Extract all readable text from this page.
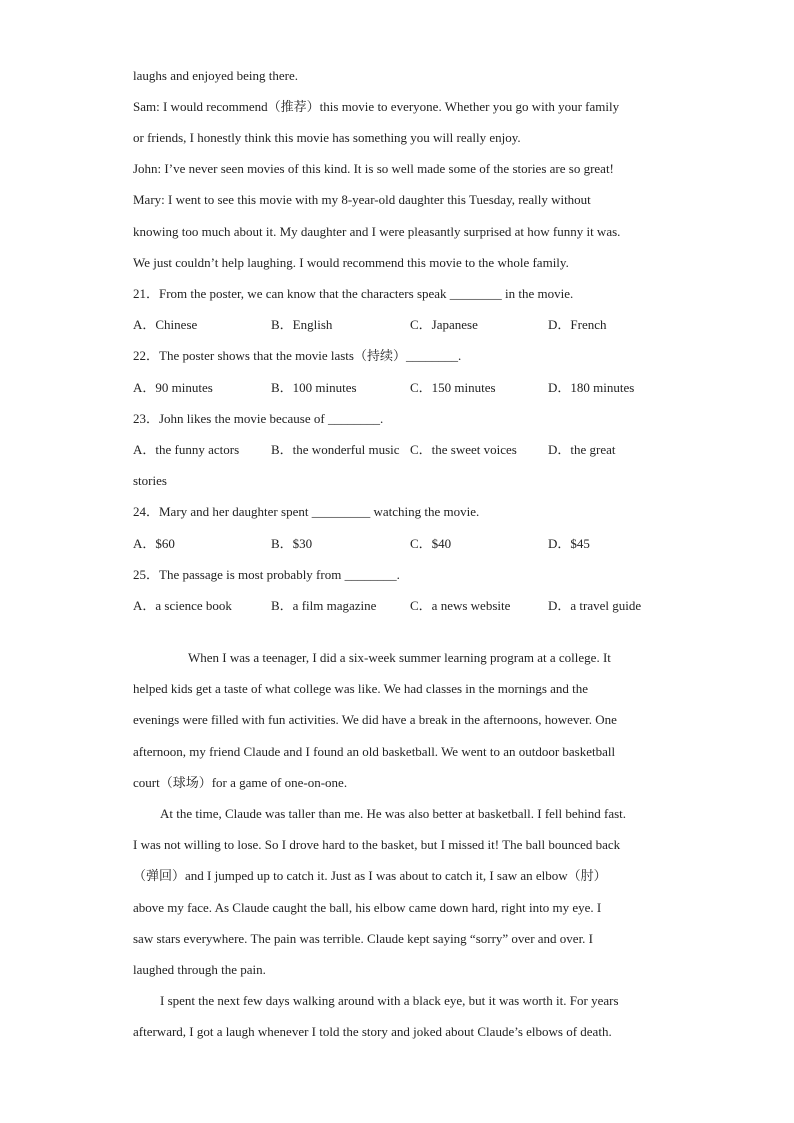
laughs and enjoyed being there.
Sam: I would recommend（推荐）this movie to everyone. Whether you go with your family
or friends, I honestly think this movie has something you will really enjoy.
John: I’ve never seen movies of this kind. It is so well made some of the stories are so great!
Mary: I went to see this movie with my 8-year-old daughter this Tuesday, really without
knowing too much about it. My daughter and I were pleasantly surprised at how funny it was.
We just couldn’t help laughing. I would recommend this movie to the whole family.
21．From the poster, we can know that the characters speak ________ in the movie.
A．Chinese	B．English	C．Japanese	D．French
22．The poster shows that the movie lasts（持续）________.
A．90 minutes	B．100 minutes	C．150 minutes	D．180 minutes
23．John likes the movie because of ________.
A．the funny actors B．the wonderful music C．the sweet voices D．the great
stories
24．Mary and her daughter spent _________ watching the movie.
A．$60	B．$30	C．$40	D．$45
25．The passage is most probably from ________.
A．a science book	B．a film magazine	C．a news website	D．a travel guide
When I was a teenager, I did a six-week summer learning program at a college. It
helped kids get a taste of what college was like. We had classes in the mornings and the
evenings were filled with fun activities. We did have a break in the afternoons, however. One
afternoon, my friend Claude and I found an old basketball. We went to an outdoor basketball
court（球场）for a game of one-on-one.
At the time, Claude was taller than me. He was also better at basketball. I fell behind fast.
I was not willing to lose. So I drove hard to the basket, but I missed it! The ball bounced back
（弹回）and I jumped up to catch it. Just as I was about to catch it, I saw an elbow（肘）
above my face. As Claude caught the ball, his elbow came down hard, right into my eye. I
saw stars everywhere. The pain was terrible. Claude kept saying “sorry” over and over. I
laughed through the pain.
I spent the next few days walking around with a black eye, but it was worth it. For years
afterward, I got a laugh whenever I told the story and joked about Claude’s elbows of death.
